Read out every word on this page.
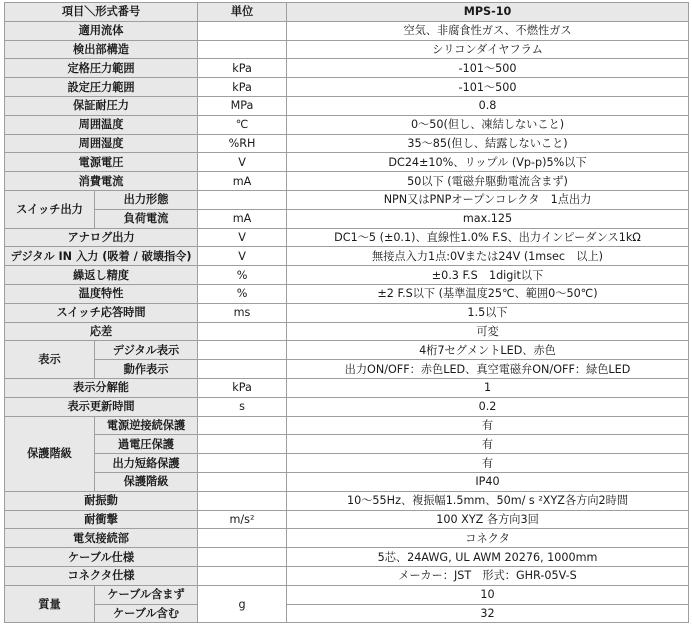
項目＼形式番号		単位	MPS-10
適用流体			空気、非腐食性ガス、不燃性ガス
検出部構造			シリコンダイヤフラム
定格圧力範囲		kPa	-101〜500
設定圧力範囲		kPa	-101〜500
保証耐圧力		MPa	0.8
周囲温度		℃	0〜50(但し、凍結しないこと)
周囲湿度		%RH	35〜85(但し、結露しないこと)
電源電圧		V	DC24±10%、リップル (Vp-p)5%以下
消費電流		mA	50以下 (電磁弁駆動電流含まず)
スイッチ出力	出力形態		NPN又はPNPオープンコレクタ　1点出力
	負荷電流	mA	max.125
アナログ出力		V	DC1〜5 (±0.1)、直線性1.0% F.S、出力インピーダンス1kΩ
デジタル IN 入力 (吸着 / 破壊指令)		V	無接点入力1点:0Vまたは24V (1msec　以上)
繰返し精度		%	±0.3 F.S　1digit以下
温度特性		%	±2 F.S以下 (基準温度25℃、範囲0〜50℃)
スイッチ応答時間		ms	1.5以下
応差			可変
表示	デジタル表示		4桁7セグメントLED、赤色
	動作表示		出力ON/OFF：赤色LED、真空電磁弁ON/OFF：緑色LED
表示分解能		kPa	1
表示更新時間		s	0.2
保護階級	電源逆接続保護		有
	過電圧保護		有
	出力短絡保護		有
	保護階級		IP40
耐振動			10〜55Hz、複振幅1.5mm、50m/ s ²XYZ各方向2時間
耐衝撃		m/s²	100 XYZ 各方向3回
電気接続部			コネクタ
ケーブル仕様			5芯、24AWG, UL AWM 20276, 1000mm
コネクタ仕様			メーカー：JST　形式：GHR-05V-S
質量	ケーブル含まず	g	10
	ケーブル含む		32
